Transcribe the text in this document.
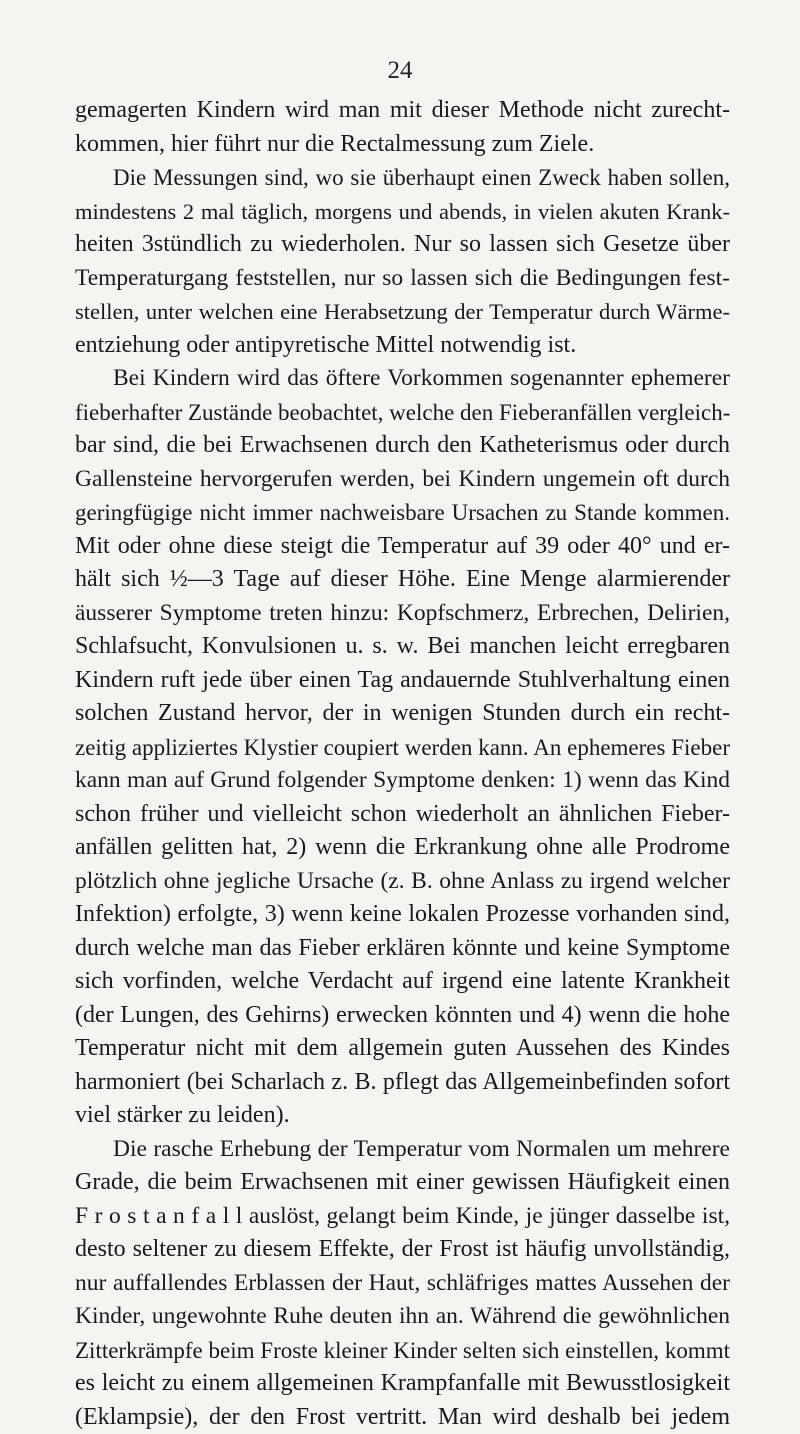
24
gemagerten Kindern wird man mit dieser Methode nicht zurecht-
kommen, hier führt nur die Rectalmessung zum Ziele.
Die Messungen sind, wo sie überhaupt einen Zweck haben sollen,
mindestens 2 mal täglich, morgens und abends, in vielen akuten Krank-
heiten 3stündlich zu wiederholen. Nur so lassen sich Gesetze über
Temperaturgang feststellen, nur so lassen sich die Bedingungen fest-
stellen, unter welchen eine Herabsetzung der Temperatur durch Wärme-
entziehung oder antipyretische Mittel notwendig ist.
Bei Kindern wird das öftere Vorkommen sogenannter ephemerer
fieberhafter Zustände beobachtet, welche den Fieberanfällen vergleich-
bar sind, die bei Erwachsenen durch den Katheterismus oder durch
Gallensteine hervorgerufen werden, bei Kindern ungemein oft durch
geringfügige nicht immer nachweisbare Ursachen zu Stande kommen.
Mit oder ohne diese steigt die Temperatur auf 39 oder 40° und er-
hält sich ½—3 Tage auf dieser Höhe. Eine Menge alarmierender
äusserer Symptome treten hinzu: Kopfschmerz, Erbrechen, Delirien,
Schlafsucht, Konvulsionen u. s. w. Bei manchen leicht erregbaren
Kindern ruft jede über einen Tag andauernde Stuhlverhaltung einen
solchen Zustand hervor, der in wenigen Stunden durch ein recht-
zeitig appliziertes Klystier coupiert werden kann. An ephemeres Fieber
kann man auf Grund folgender Symptome denken: 1) wenn das Kind
schon früher und vielleicht schon wiederholt an ähnlichen Fieber-
anfällen gelitten hat, 2) wenn die Erkrankung ohne alle Prodrome
plötzlich ohne jegliche Ursache (z. B. ohne Anlass zu irgend welcher
Infektion) erfolgte, 3) wenn keine lokalen Prozesse vorhanden sind,
durch welche man das Fieber erklären könnte und keine Symptome
sich vorfinden, welche Verdacht auf irgend eine latente Krankheit
(der Lungen, des Gehirns) erwecken könnten und 4) wenn die hohe
Temperatur nicht mit dem allgemein guten Aussehen des Kindes
harmoniert (bei Scharlach z. B. pflegt das Allgemeinbefinden sofort
viel stärker zu leiden).
Die rasche Erhebung der Temperatur vom Normalen um mehrere
Grade, die beim Erwachsenen mit einer gewissen Häufigkeit einen
F r o s t a n f a l l auslöst, gelangt beim Kinde, je jünger dasselbe ist,
desto seltener zu diesem Effekte, der Frost ist häufig unvollständig,
nur auffallendes Erblassen der Haut, schläfriges mattes Aussehen der
Kinder, ungewohnte Ruhe deuten ihn an. Während die gewöhnlichen
Zitterkrämpfe beim Froste kleiner Kinder selten sich einstellen, kommt
es leicht zu einem allgemeinen Krampfanfalle mit Bewusstlosigkeit
(Eklampsie), der den Frost vertritt. Man wird deshalb bei jedem
